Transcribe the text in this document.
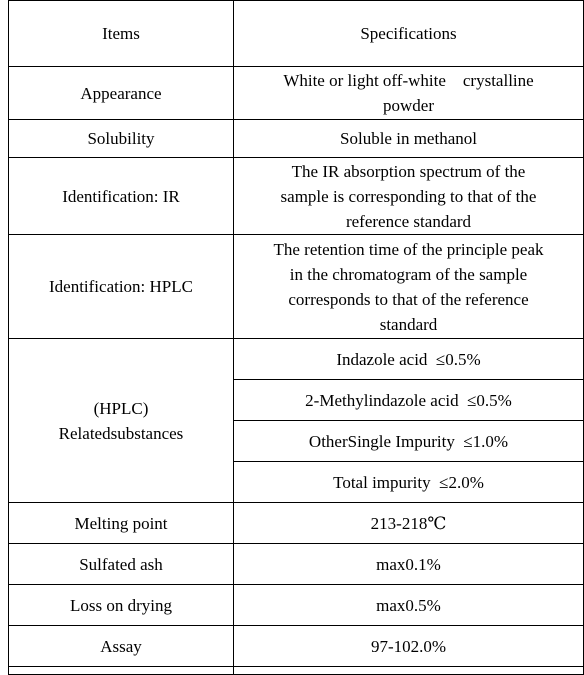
Items	Specifications
Appearance	White or light off-white    crystalline
powder

Solubility	Soluble in methanol
Identification: IR	The IR absorption spectrum of the
sample is corresponding to that of the
reference standard

Identification: HPLC	The retention time of the principle peak
in the chromatogram of the sample
corresponds to that of the reference
standard

(HPLC)
Relatedsubstances	Indazole acid  ≤0.5%
	2-Methylindazole acid  ≤0.5%
	OtherSingle Impurity  ≤1.0%
	Total impurity  ≤2.0%
Melting point	213-218℃
Sulfated ash	max0.1%
Loss on drying	max0.5%
Assay	97-102.0%
